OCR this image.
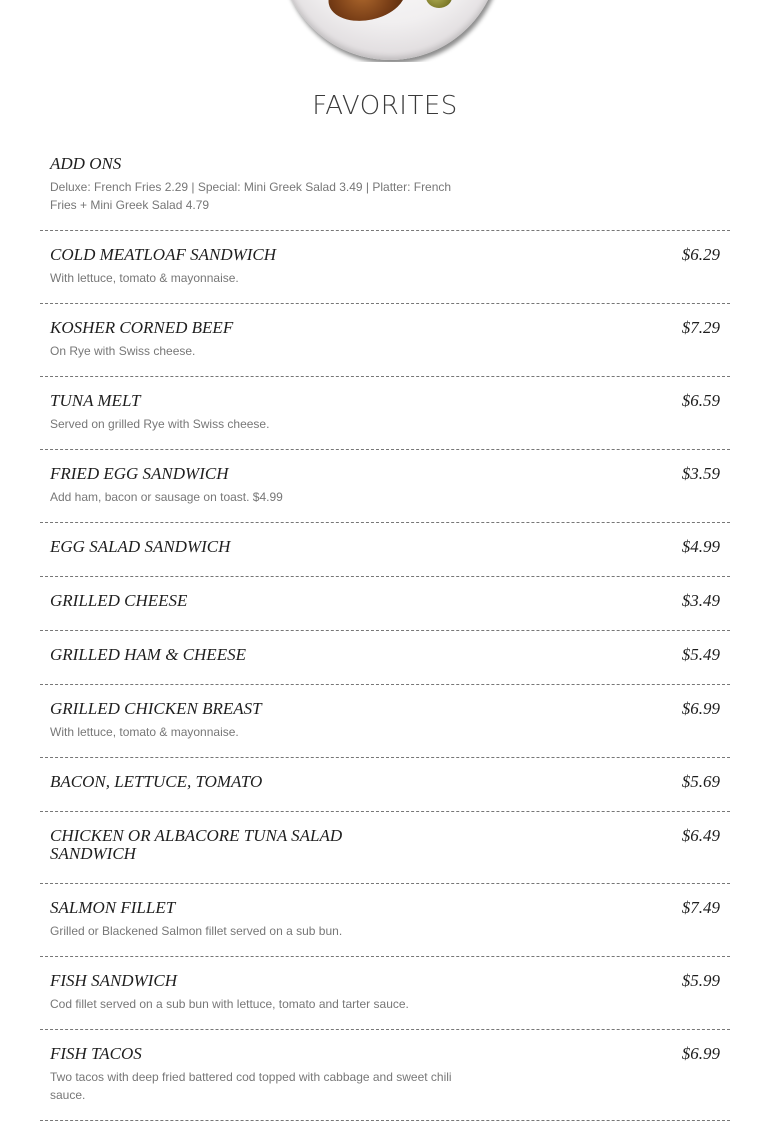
FAVORITES
ADD ONS
Deluxe: French Fries 2.29 | Special: Mini Greek Salad 3.49 | Platter: French Fries + Mini Greek Salad 4.79
COLD MEATLOAF SANDWICH	$6.29
With lettuce, tomato & mayonnaise.
KOSHER CORNED BEEF	$7.29
On Rye with Swiss cheese.
TUNA MELT	$6.59
Served on grilled Rye with Swiss cheese.
FRIED EGG SANDWICH	$3.59
Add ham, bacon or sausage on toast. $4.99
EGG SALAD SANDWICH	$4.99
GRILLED CHEESE	$3.49
GRILLED HAM & CHEESE	$5.49
GRILLED CHICKEN BREAST	$6.99
With lettuce, tomato & mayonnaise.
BACON, LETTUCE, TOMATO	$5.69
CHICKEN OR ALBACORE TUNA SALAD SANDWICH
$6.49
SALMON FILLET	$7.49
Grilled or Blackened Salmon fillet served on a sub bun.
FISH SANDWICH	$5.99
Cod fillet served on a sub bun with lettuce, tomato and tarter sauce.
FISH TACOS	$6.99
Two tacos with deep fried battered cod topped with cabbage and sweet chili sauce.
